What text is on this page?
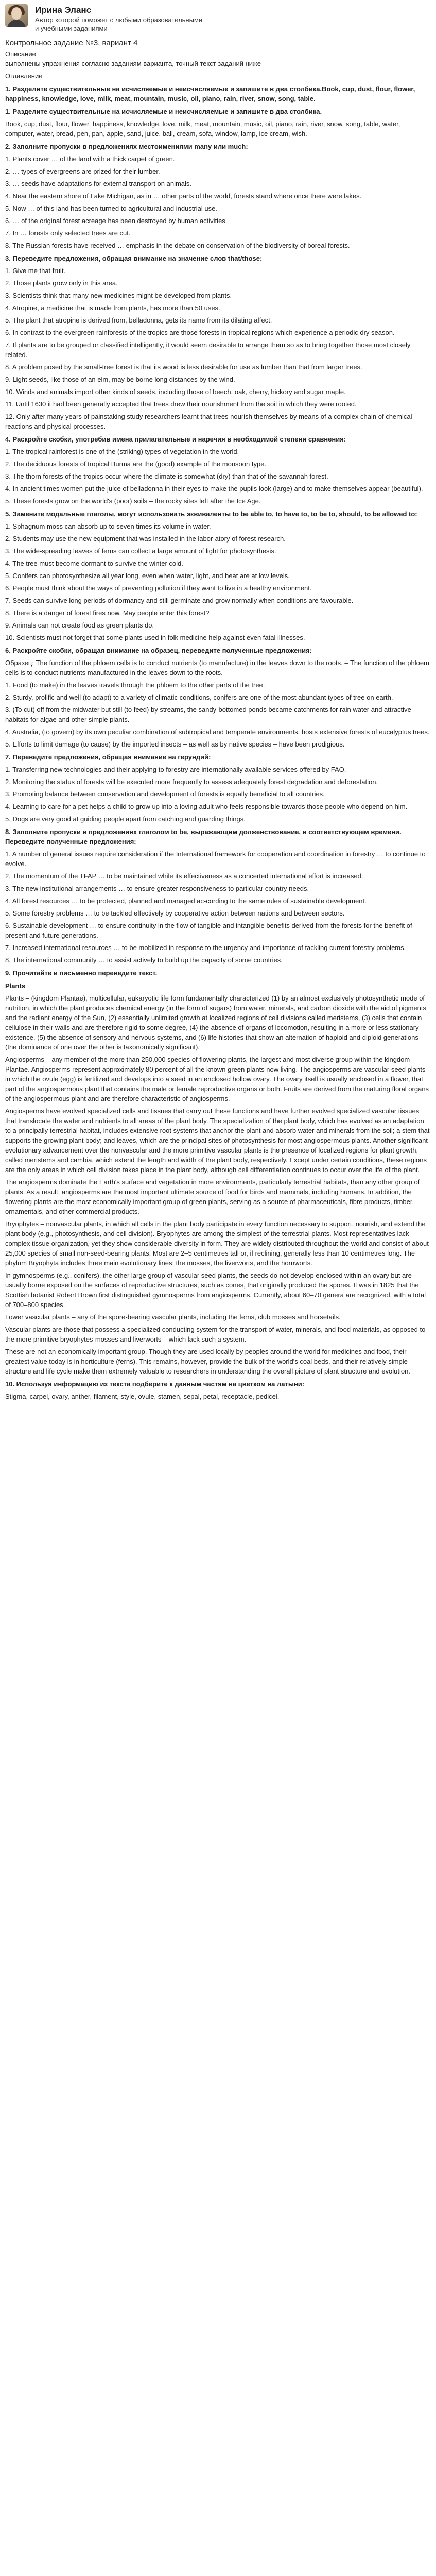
Ирина Эланс
Автор которой поможет с любыми образовательными и учебными заданиями
Контрольное задание №3, вариант 4

Описание

выполнены упражнения согласно заданиям варианта, точный текст заданий ниже

Оглавление

1. Разделите существительные на исчисляемые и неисчисляемые и запишите в два столбика.Book, cup, dust, flour, flower, happiness, knowledge, love, milk, meat, mountain, music, oil, piano, rain, river, snow, song, table.
1. Разделите существительные на исчисляемые и неисчисляемые и запишите в два столбика.

Book, cup, dust, flour, flower, happiness, knowledge, love, milk, meat, mountain, music, oil, piano, rain, river, snow, song, table, water, computer, water, bread, pen, pan, apple, sand, juice, ball, cream, sofa, window, lamp, ice cream, wish.

2. Заполните пропуски в предложениях местоимениями many или much:

1. Plants cover … of the land with a thick carpet of green.

2. … types of evergreens are prized for their lumber.

3. … seeds have adaptations for external transport on animals.

4. Near the eastern shore of Lake Michigan, as in … other parts of the world, forests stand where once there were lakes.

5. Now … of this land has been turned to agricultural and industrial use.

6. … of the original forest acreage has been destroyed by human activities.

7. In … forests only selected trees are cut.

8. The Russian forests have received … emphasis in the debate on conservation of the biodiversity of boreal forests.

3. Переведите предложения, обращая внимание на значение слов that/those:

1. Give me that fruit.

2. Those plants grow only in this area.

3. Scientists think that many new medicines might be developed from plants.

4. Atropine, a medicine that is made from plants, has more than 50 uses.

5. The plant that atropine is derived from, belladonna, gets its name from its dilating affect.

6. In contrast to the evergreen rainforests of the tropics are those forests in tropical regions which experience a periodic dry season.

7. If plants are to be grouped or classified intelligently, it would seem desirable to arrange them so as to bring together those most closely related.

8. A problem posed by the small-tree forest is that its wood is less desirable for use as lumber than that from larger trees.

9. Light seeds, like those of an elm, may be borne long distances by the wind.

10. Winds and animals import other kinds of seeds, including those of beech, oak, cherry, hickory and sugar maple.

11. Until 1630 it had been generally accepted that trees drew their nourishment from the soil in which they were rooted.

12. Only after many years of painstaking study researchers learnt that trees nourish themselves by means of a complex chain of chemical reactions and physical processes.

4. Раскройте скобки, употребив имена прилагательные и наречия в необходимой степени сравнения:

1. The tropical rainforest is one of the (striking) types of vegetation in the world.

2. The deciduous forests of tropical Burma are the (good) example of the monsoon type.

3. The thorn forests of the tropics occur where the climate is somewhat (dry) than that of the savannah forest.

4. In ancient times women put the juice of belladonna in their eyes to make the pupils look (large) and to make themselves appear (beautiful).

5. These forests grow on the world's (poor) soils – the rocky sites left after the Ice Age.

5. Замените модальные глаголы, могут использовать эквиваленты to be able to, to have to, to be to, should, to be allowed to:

1. Sphagnum moss can absorb up to seven times its volume in water.

2. Students may use the new equipment that was installed in the labor-atory of forest research.

3. The wide-spreading leaves of ferns can collect a large amount of light for photosynthesis.

4. The tree must become dormant to survive the winter cold.

5. Conifers can photosynthesize all year long, even when water, light, and heat are at low levels.

6. People must think about the ways of preventing pollution if they want to live in a healthy environment.

7. Seeds can survive long periods of dormancy and still germinate and grow normally when conditions are favourable.

8. There is a danger of forest fires now. May people enter this forest?

9. Animals can not create food as green plants do.

10. Scientists must not forget that some plants used in folk medicine help against even fatal illnesses.

6. Раскройте скобки, обращая внимание на образец, переведите полученные предложения:

Образец: The function of the phloem cells is to conduct nutrients (to manufacture) in the leaves down to the roots. – The function of the phloem cells is to conduct nutrients manufactured in the leaves down to the roots.

1. Food (to make) in the leaves travels through the phloem to the other parts of the tree.

2. Sturdy, prolific and well (to adapt) to a variety of climatic conditions, conifers are one of the most abundant types of tree on earth.

3. (To cut) off from the midwater but still (to feed) by streams, the sandy-bottomed ponds became catchments for rain water and attractive habitats for algae and other simple plants.

4. Australia, (to govern) by its own peculiar combination of subtropical and temperate environments, hosts extensive forests of eucalyptus trees.

5. Efforts to limit damage (to cause) by the imported insects – as well as by native species – have been prodigious.

7. Переведите предложения, обращая внимание на герундий:

1. Transferring new technologies and their applying to forestry are internationally available services offered by FAO.

2. Monitoring the status of forests will be executed more frequently to assess adequately forest degradation and deforestation.

3. Promoting balance between conservation and development of forests is equally beneficial to all countries.

4. Learning to care for a pet helps a child to grow up into a loving adult who feels responsible towards those people who depend on him.

5. Dogs are very good at guiding people apart from catching and guarding things.

8. Заполните пропуски в предложениях глаголом to be, выражающим долженствование, в соответствующем времени. Переведите полученные предложения:

1. A number of general issues require consideration if the International framework for cooperation and coordination in forestry … to continue to evolve.

2. The momentum of the TFAP … to be maintained while its effectiveness as a concerted international effort is increased.

3. The new institutional arrangements … to ensure greater responsiveness to particular country needs.

4. All forest resources … to be protected, planned and managed ac-cording to the same rules of sustainable development.

5. Some forestry problems … to be tackled effectively by cooperative action between nations and between sectors.

6. Sustainable development … to ensure continuity in the flow of tangible and intangible benefits derived from the forests for the benefit of present and future generations.

7. Increased international resources … to be mobilized in response to the urgency and importance of tackling current forestry problems.

8. The international community … to assist actively to build up the capacity of some countries.

9. Прочитайте и письменно переведите текст.
Plants

Plants – (kingdom Plantae), multicellular, eukaryotic life form fundamentally characterized (1) by an almost exclusively photosynthetic mode of nutrition, in which the plant produces chemical energy (in the form of sugars) from water, minerals, and carbon dioxide with the aid of pigments and the radiant energy of the Sun, (2) essentially unlimited growth at localized regions of cell divisions called meristems, (3) cells that contain cellulose in their walls and are therefore rigid to some degree, (4) the absence of organs of locomotion, resulting in a more or less stationary existence, (5) the absence of sensory and nervous systems, and (6) life histories that show an alternation of haploid and diploid generations (the dominance of one over the other is taxonomically significant).

Angiosperms – any member of the more than 250,000 species of flowering plants, the largest and most diverse group within the kingdom Plantae. Angiosperms represent approximately 80 percent of all the known green plants now living. The angiosperms are vascular seed plants in which the ovule (egg) is fertilized and develops into a seed in an enclosed hollow ovary. The ovary itself is usually enclosed in a flower, that part of the angiospermous plant that contains the male or female reproductive organs or both. Fruits are derived from the maturing floral organs of the angiospermous plant and are therefore characteristic of angiosperms.

Angiosperms have evolved specialized cells and tissues that carry out these functions and have further evolved specialized vascular tissues that translocate the water and nutrients to all areas of the plant body. The specialization of the plant body, which has evolved as an adaptation to a principally terrestrial habitat, includes extensive root systems that anchor the plant and absorb water and minerals from the soil; a stem that supports the growing plant body; and leaves, which are the principal sites of photosynthesis for most angiospermous plants. Another significant evolutionary advancement over the nonvascular and the more primitive vascular plants is the presence of localized regions for plant growth, called meristems and cambia, which extend the length and width of the plant body, respectively. Except under certain conditions, these regions are the only areas in which cell division takes place in the plant body, although cell differentiation continues to occur over the life of the plant.

The angiosperms dominate the Earth's surface and vegetation in more environments, particularly terrestrial habitats, than any other group of plants. As a result, angiosperms are the most important ultimate source of food for birds and mammals, including humans. In addition, the flowering plants are the most economically important group of green plants, serving as a source of pharmaceuticals, fibre products, timber, ornamentals, and other commercial products.

Bryophytes – nonvascular plants, in which all cells in the plant body participate in every function necessary to support, nourish, and extend the plant body (e.g., photosynthesis, and cell division). Bryophytes are among the simplest of the terrestrial plants. Most representatives lack complex tissue organization, yet they show considerable diversity in form. They are widely distributed throughout the world and consist of about 25,000 species of small non-seed-bearing plants. Most are 2–5 centimetres tall or, if reclining, generally less than 10 centimetres long. The phylum Bryophyta includes three main evolutionary lines: the mosses, the liverworts, and the hornworts.

In gymnosperms (e.g., conifers), the other large group of vascular seed plants, the seeds do not develop enclosed within an ovary but are usually borne exposed on the surfaces of reproductive structures, such as cones, that originally produced the spores. It was in 1825 that the Scottish botanist Robert Brown first distinguished gymnosperms from angiosperms. Currently, about 60–70 genera are recognized, with a total of 700–800 species.

Lower vascular plants – any of the spore-bearing vascular plants, including the ferns, club mosses and horsetails.

Vascular plants are those that possess a specialized conducting system for the transport of water, minerals, and food materials, as opposed to the more primitive bryophytes-mosses and liverworts – which lack such a system.

These are not an economically important group. Though they are used locally by peoples around the world for medicines and food, their greatest value today is in horticulture (ferns). This remains, however, provide the bulk of the world's coal beds, and their relatively simple structure and life cycle make them extremely valuable to researchers in understanding the overall picture of plant structure and evolution.

10. Используя информацию из текста подберите к данным частям на цветком на латыни:

Stigma, carpel, ovary, anther, filament, style, ovule, stamen, sepal, petal, receptacle, pedicel.
